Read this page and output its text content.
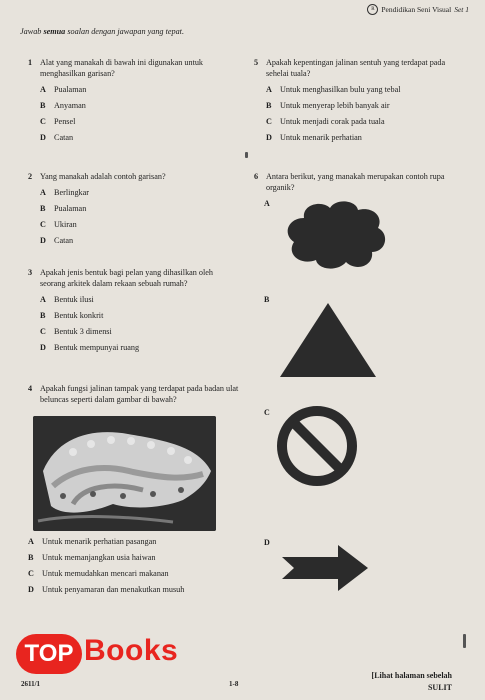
R Pendidikan Seni Visual Set 1
Jawab semua soalan dengan jawapan yang tepat.
1 Alat yang manakah di bawah ini digunakan untuk menghasilkan garisan?
A Pualaman
B	Anyaman
C Pensel
D Catan
2 Yang manakah adalah contoh garisan?
A Berlingkar
B	Pualaman
C Ukiran
D Catan
3 Apakah jenis bentuk bagi pelan yang dihasilkan oleh seorang arkitek dalam rekaan sebuah rumah?
A Bentuk ilusi
B	Bentuk konkrit
C Bentuk 3 dimensi
D Bentuk mempunyai ruang
4 Apakah fungsi jalinan tampak yang terdapat pada badan ulat beluncas seperti dalam gambar di bawah?
A Untuk menarik perhatian pasangan
B	Untuk memanjangkan usia haiwan
C Untuk memudahkan mencari makanan
D Untuk penyamaran dan menakutkan musuh
5 Apakah kepentingan jalinan sentuh yang terdapat pada sehelai tuala?
A Untuk menghasilkan bulu yang tebal
B	Untuk menyerap lebih banyak air
C Untuk menjadi corak pada tuala
D Untuk menarik perhatian
6 Antara berikut, yang manakah merupakan contoh rupa organik?
A
B
C
D
TOP Books
2611/1	1-8
[Lihat halaman sebelah
SULIT
